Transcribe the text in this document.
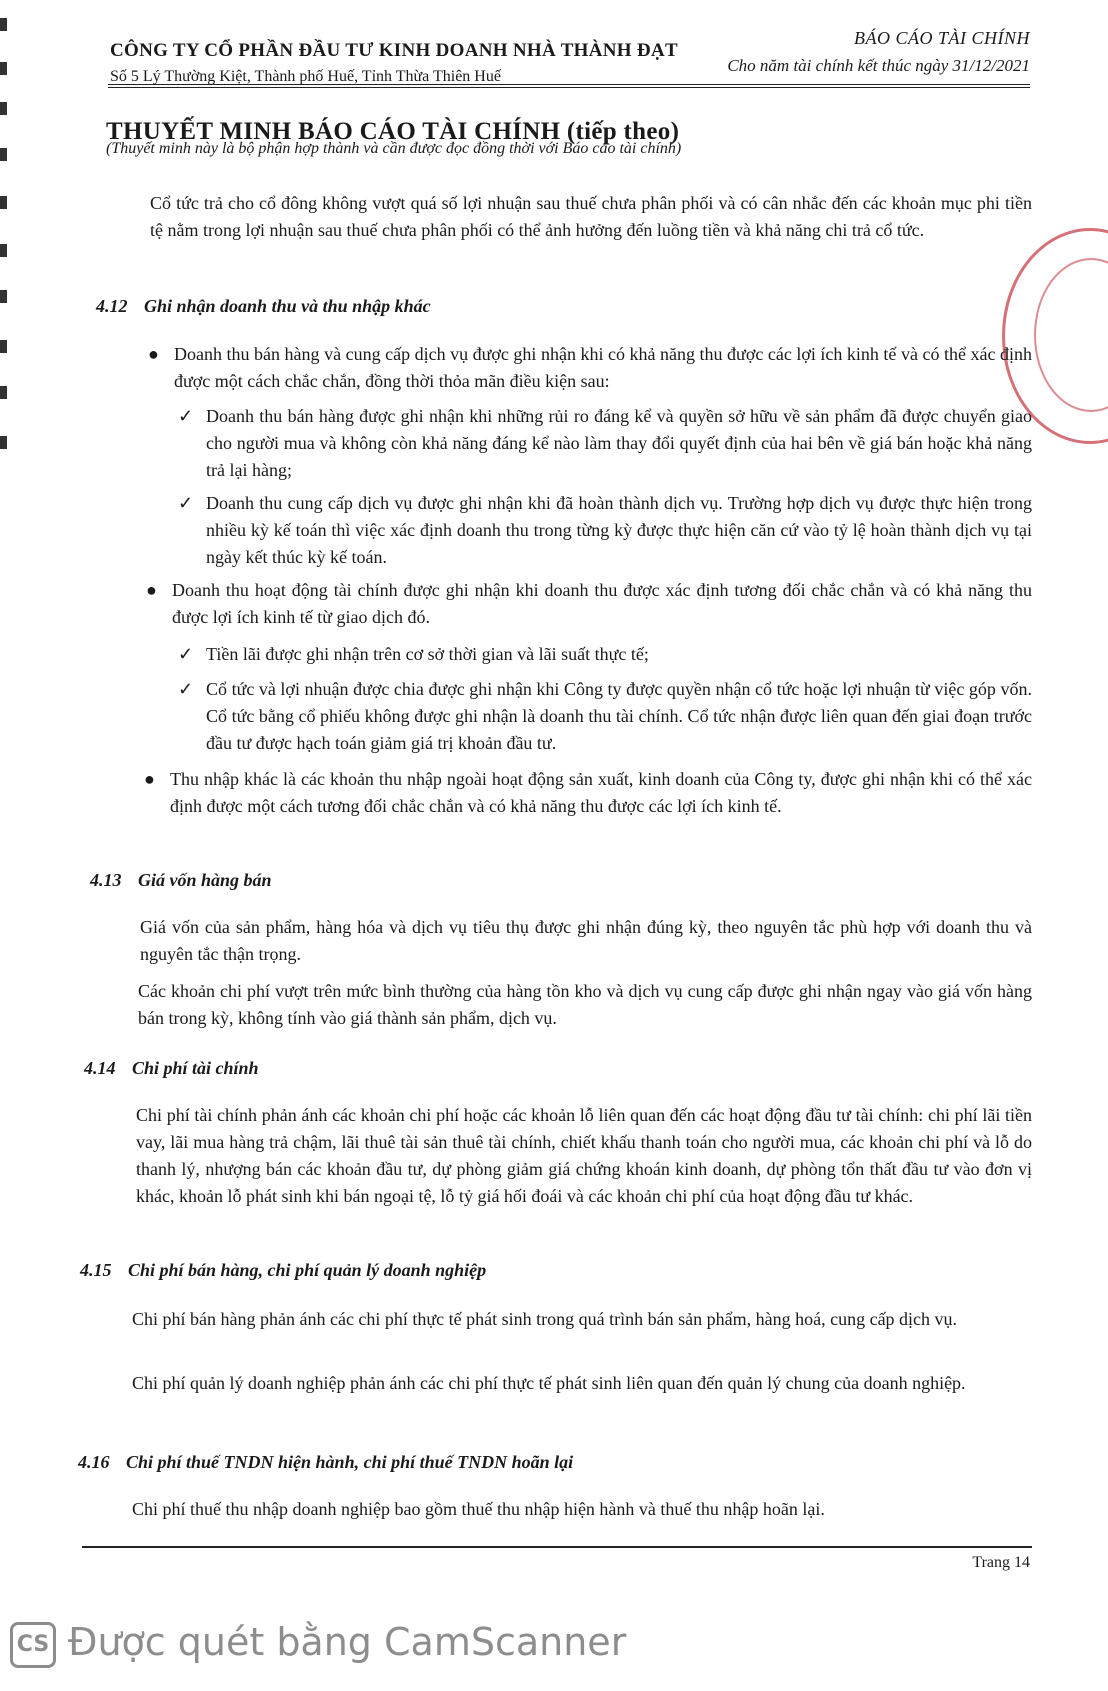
CÔNG TY CỔ PHẦN ĐẦU TƯ KINH DOANH NHÀ THÀNH ĐẠT
Số 5 Lý Thường Kiệt, Thành phố Huế, Tỉnh Thừa Thiên Huế
BÁO CÁO TÀI CHÍNH
Cho năm tài chính kết thúc ngày 31/12/2021
THUYẾT MINH BÁO CÁO TÀI CHÍNH (tiếp theo)
(Thuyết minh này là bộ phận hợp thành và cần được đọc đồng thời với Báo cáo tài chính)
Cổ tức trả cho cổ đông không vượt quá số lợi nhuận sau thuế chưa phân phối và có cân nhắc đến các khoản mục phi tiền tệ nằm trong lợi nhuận sau thuế chưa phân phối có thể ảnh hưởng đến luồng tiền và khả năng chi trả cổ tức.
4.12 Ghi nhận doanh thu và thu nhập khác
● Doanh thu bán hàng và cung cấp dịch vụ được ghi nhận khi có khả năng thu được các lợi ích kinh tế và có thể xác định được một cách chắc chắn, đồng thời thỏa mãn điều kiện sau:
✓ Doanh thu bán hàng được ghi nhận khi những rủi ro đáng kể và quyền sở hữu về sản phẩm đã được chuyển giao cho người mua và không còn khả năng đáng kể nào làm thay đổi quyết định của hai bên về giá bán hoặc khả năng trả lại hàng;
✓ Doanh thu cung cấp dịch vụ được ghi nhận khi đã hoàn thành dịch vụ. Trường hợp dịch vụ được thực hiện trong nhiều kỳ kế toán thì việc xác định doanh thu trong từng kỳ được thực hiện căn cứ vào tỷ lệ hoàn thành dịch vụ tại ngày kết thúc kỳ kế toán.
● Doanh thu hoạt động tài chính được ghi nhận khi doanh thu được xác định tương đối chắc chắn và có khả năng thu được lợi ích kinh tế từ giao dịch đó.
✓ Tiền lãi được ghi nhận trên cơ sở thời gian và lãi suất thực tế;
✓ Cổ tức và lợi nhuận được chia được ghi nhận khi Công ty được quyền nhận cổ tức hoặc lợi nhuận từ việc góp vốn. Cổ tức bằng cổ phiếu không được ghi nhận là doanh thu tài chính. Cổ tức nhận được liên quan đến giai đoạn trước đầu tư được hạch toán giảm giá trị khoản đầu tư.
● Thu nhập khác là các khoản thu nhập ngoài hoạt động sản xuất, kinh doanh của Công ty, được ghi nhận khi có thể xác định được một cách tương đối chắc chắn và có khả năng thu được các lợi ích kinh tế.
4.13 Giá vốn hàng bán
Giá vốn của sản phẩm, hàng hóa và dịch vụ tiêu thụ được ghi nhận đúng kỳ, theo nguyên tắc phù hợp với doanh thu và nguyên tắc thận trọng.
Các khoản chi phí vượt trên mức bình thường của hàng tồn kho và dịch vụ cung cấp được ghi nhận ngay vào giá vốn hàng bán trong kỳ, không tính vào giá thành sản phẩm, dịch vụ.
4.14 Chi phí tài chính
Chi phí tài chính phản ánh các khoản chi phí hoặc các khoản lỗ liên quan đến các hoạt động đầu tư tài chính: chi phí lãi tiền vay, lãi mua hàng trả chậm, lãi thuê tài sản thuê tài chính, chiết khấu thanh toán cho người mua, các khoản chi phí và lỗ do thanh lý, nhượng bán các khoản đầu tư, dự phòng giảm giá chứng khoán kinh doanh, dự phòng tổn thất đầu tư vào đơn vị khác, khoản lỗ phát sinh khi bán ngoại tệ, lỗ tỷ giá hối đoái và các khoản chi phí của hoạt động đầu tư khác.
4.15 Chi phí bán hàng, chi phí quản lý doanh nghiệp
Chi phí bán hàng phản ánh các chi phí thực tế phát sinh trong quá trình bán sản phẩm, hàng hoá, cung cấp dịch vụ.
Chi phí quản lý doanh nghiệp phản ánh các chi phí thực tế phát sinh liên quan đến quản lý chung của doanh nghiệp.
4.16 Chi phí thuế TNDN hiện hành, chi phí thuế TNDN hoãn lại
Chi phí thuế thu nhập doanh nghiệp bao gồm thuế thu nhập hiện hành và thuế thu nhập hoãn lại.
Trang 14
CS Được quét bằng CamScanner
